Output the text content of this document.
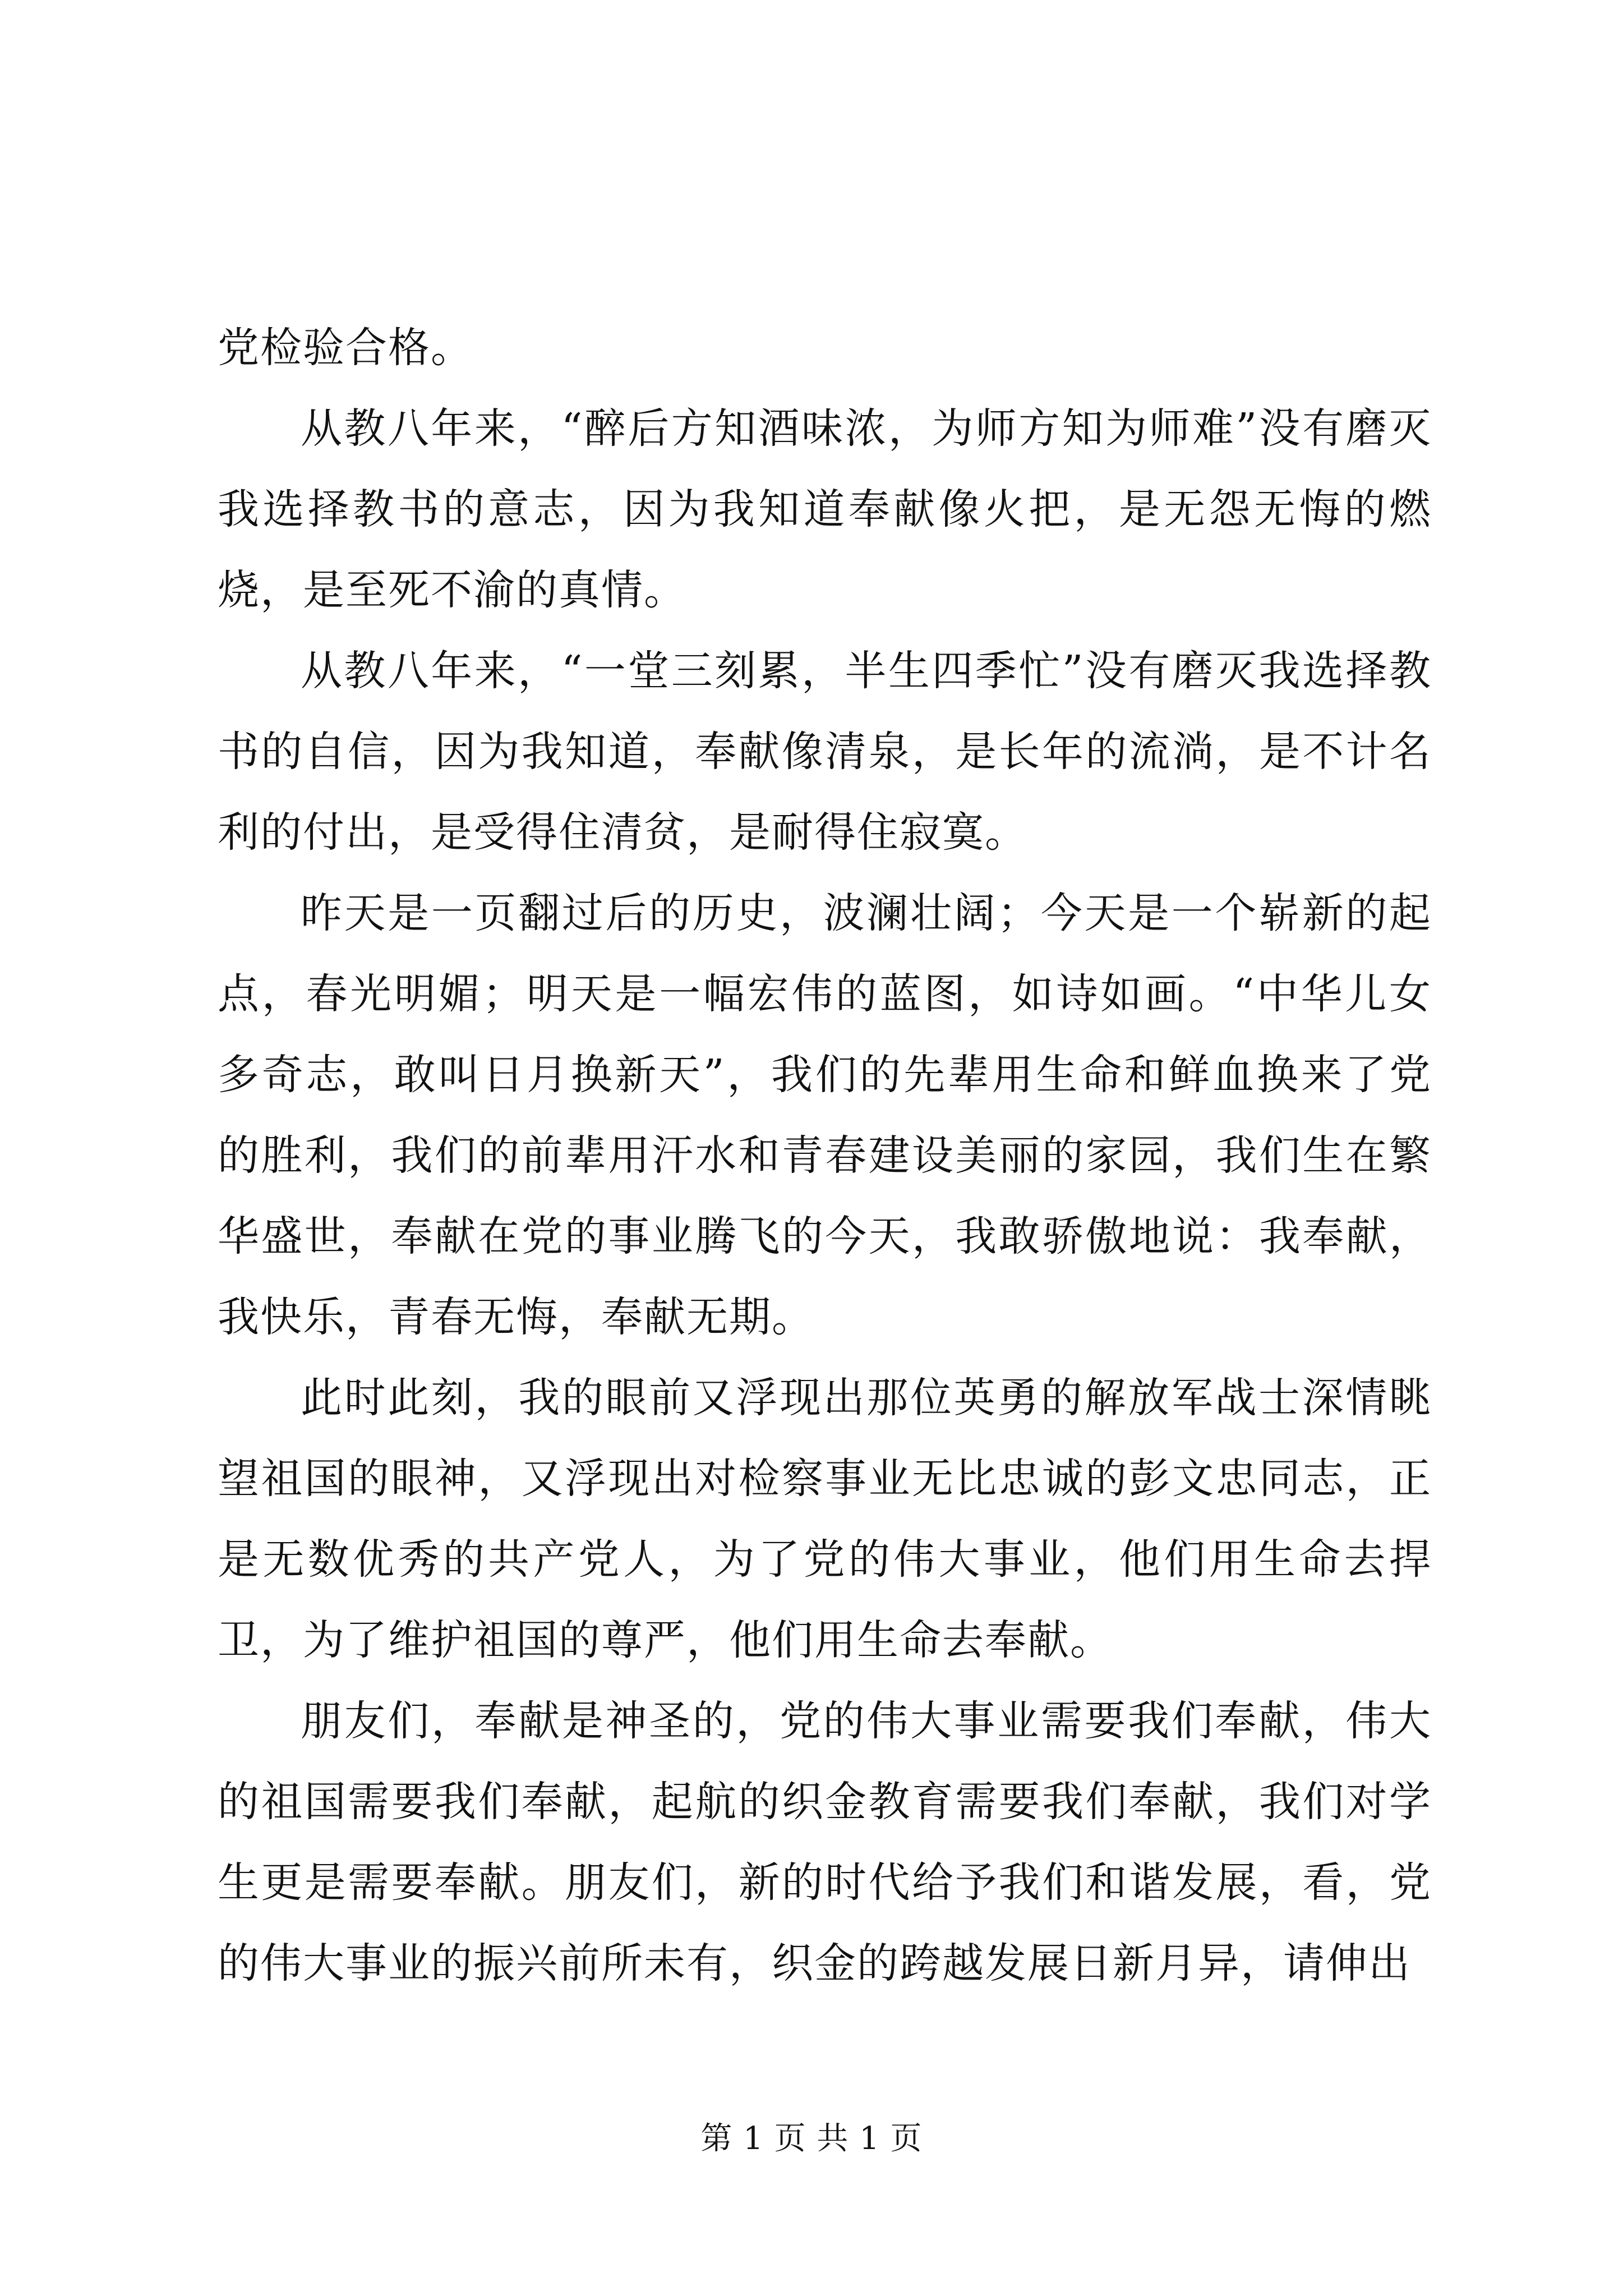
党检验合格。

从教八年来，“醉后方知酒味浓，为师方知为师难”没有磨灭我选择教书的意志，因为我知道奉献像火把，是无怨无悔的燃烧，是至死不渝的真情。

从教八年来，“一堂三刻累，半生四季忙”没有磨灭我选择教书的自信，因为我知道，奉献像清泉，是长年的流淌，是不计名利的付出，是受得住清贫，是耐得住寂寞。

昨天是一页翻过后的历史，波澜壮阔；今天是一个崭新的起点，春光明媚；明天是一幅宏伟的蓝图，如诗如画。“中华儿女多奇志，敢叫日月换新天”，我们的先辈用生命和鲜血换来了党的胜利，我们的前辈用汗水和青春建设美丽的家园，我们生在繁华盛世，奉献在党的事业腾飞的今天，我敢骄傲地说：我奉献，我快乐，青春无悔，奉献无期。

此时此刻，我的眼前又浮现出那位英勇的解放军战士深情眺望祖国的眼神，又浮现出对检察事业无比忠诚的彭文忠同志，正是无数优秀的共产党人，为了党的伟大事业，他们用生命去捍卫，为了维护祖国的尊严，他们用生命去奉献。

朋友们，奉献是神圣的，党的伟大事业需要我们奉献，伟大的祖国需要我们奉献，起航的织金教育需要我们奉献，我们对学生更是需要奉献。朋友们，新的时代给予我们和谐发展，看，党的伟大事业的振兴前所未有，织金的跨越发展日新月异，请伸出

第 1 页 共 1 页
